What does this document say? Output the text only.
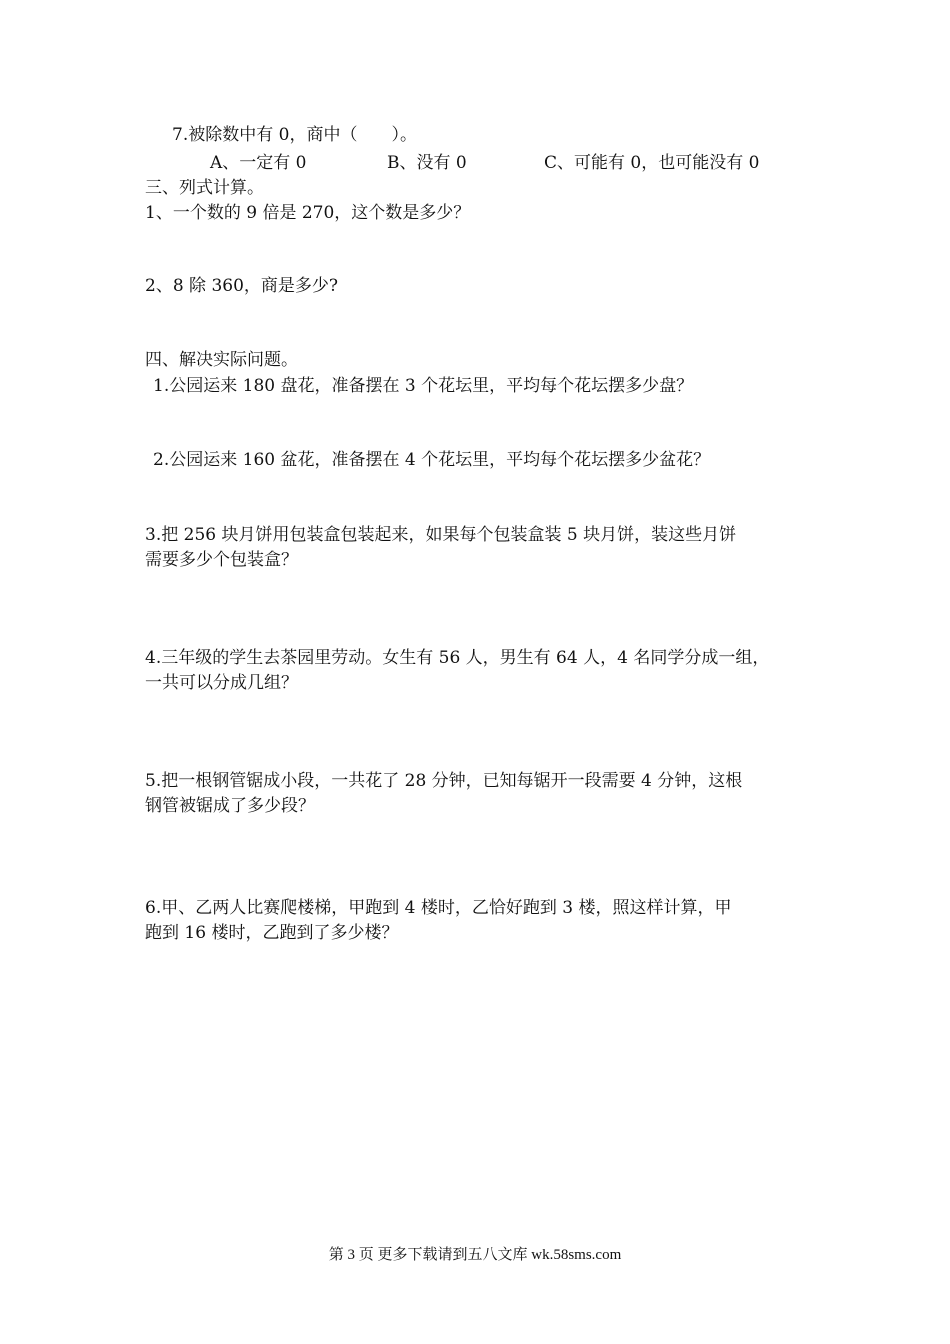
7.被除数中有 0，商中（　　）。
A、一定有 0	B、没有 0	C、可能有 0，也可能没有 0
三、列式计算。
1、一个数的 9 倍是 270，这个数是多少？
2、8 除 360，商是多少?
四、解决实际问题。
1.公园运来 180 盘花，准备摆在 3 个花坛里，平均每个花坛摆多少盘？
2.公园运来 160 盆花，准备摆在 4 个花坛里，平均每个花坛摆多少盆花？
3.把 256 块月饼用包装盒包装起来，如果每个包装盒装 5 块月饼，装这些月饼
需要多少个包装盒？
4.三年级的学生去茶园里劳动。女生有 56 人，男生有 64 人，4 名同学分成一组，
一共可以分成几组？
5.把一根钢管锯成小段，一共花了 28 分钟，已知每锯开一段需要 4 分钟，这根
钢管被锯成了多少段？
6.甲、乙两人比赛爬楼梯，甲跑到 4 楼时，乙恰好跑到 3 楼，照这样计算，甲
跑到 16 楼时，乙跑到了多少楼？
第 3 页 更多下载请到五八文库 wk.58sms.com
